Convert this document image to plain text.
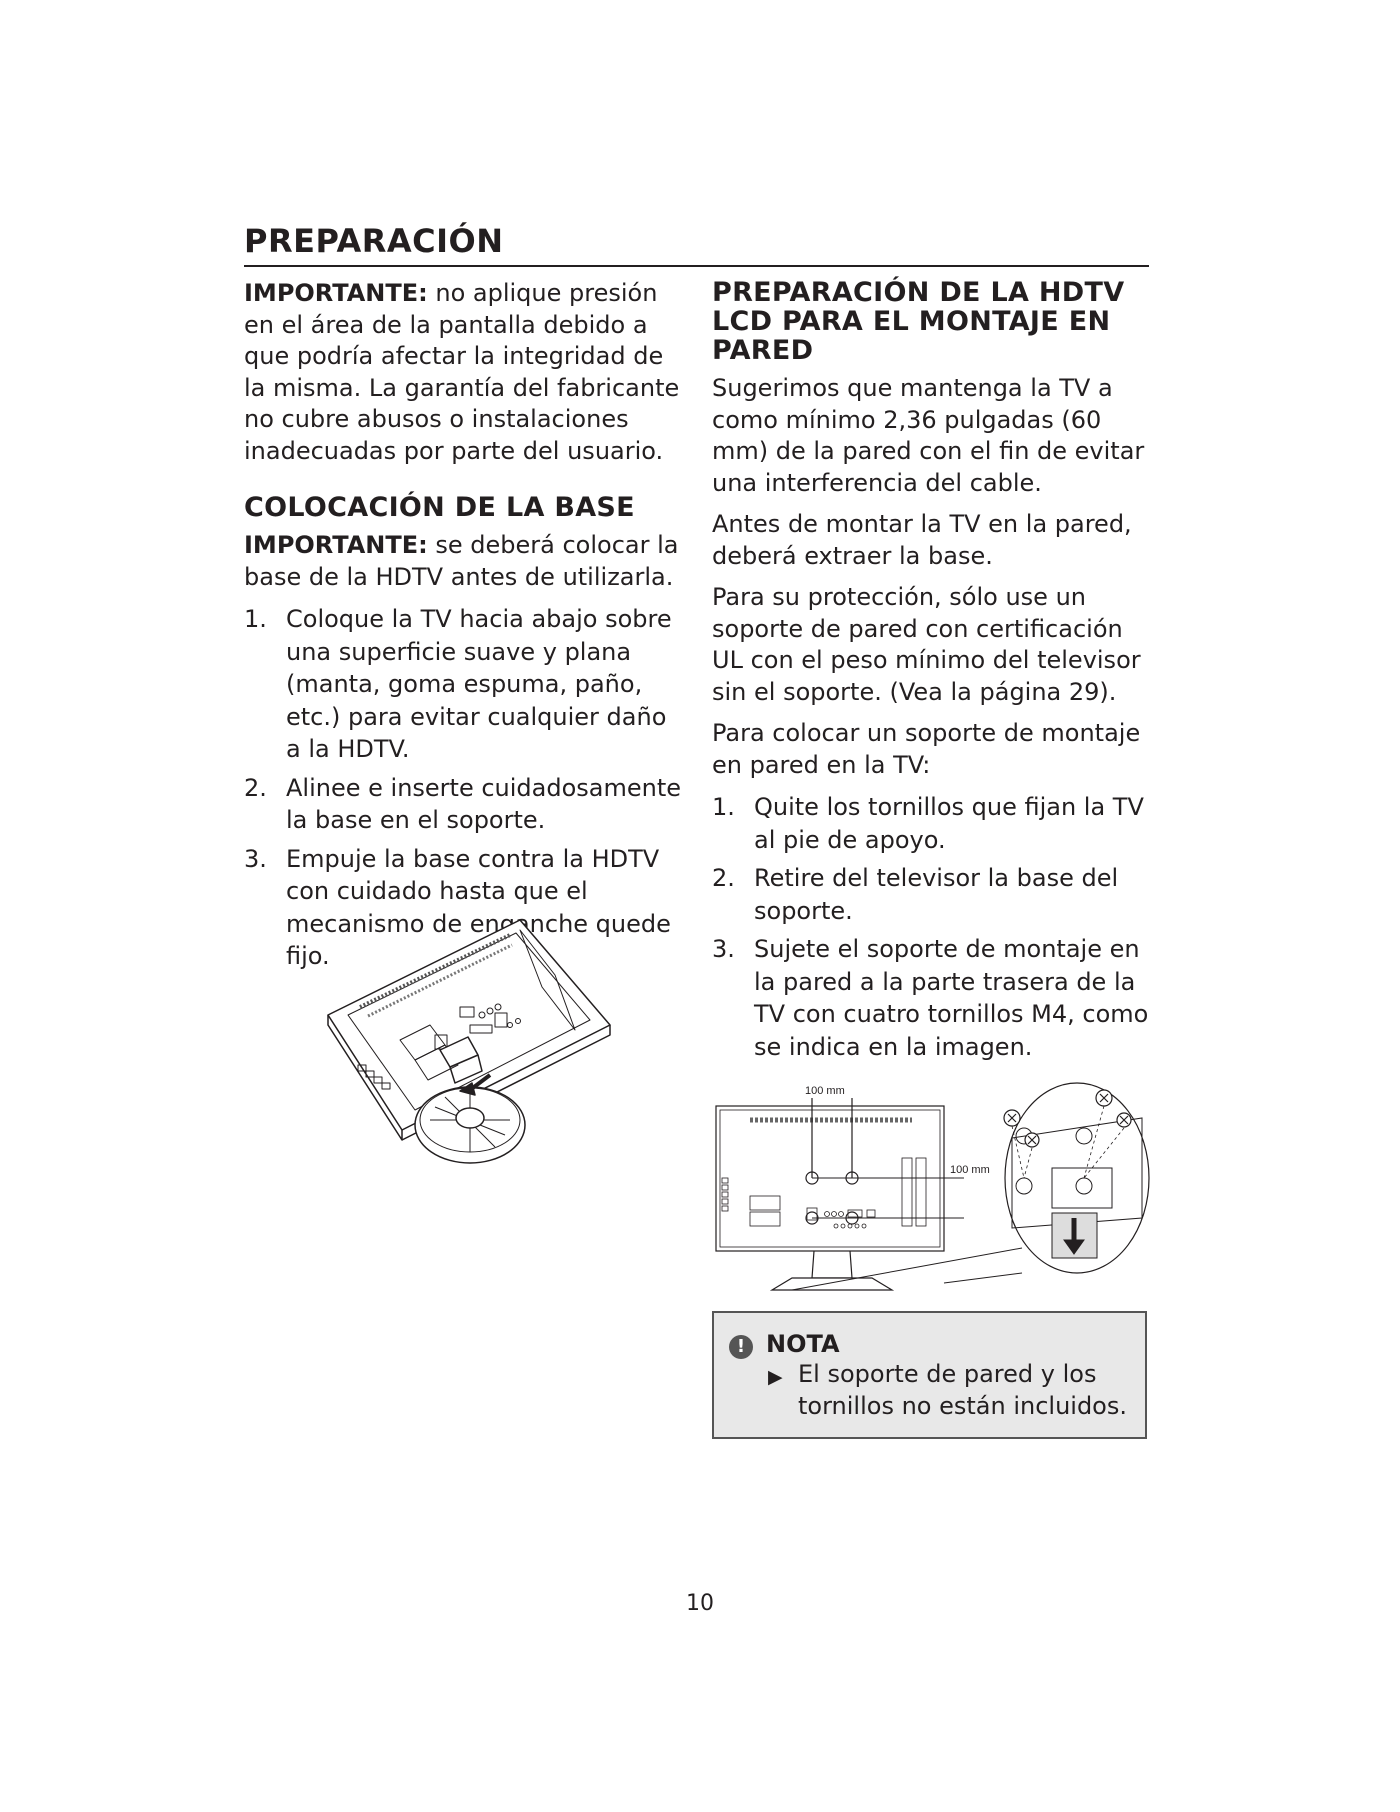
PREPARACIÓN

IMPORTANTE: no aplique presión en el área de la pantalla debido a que podría afectar la integridad de la misma. La garantía del fabricante no cubre abusos o instalaciones inadecuadas por parte del usuario.

COLOCACIÓN DE LA BASE

IMPORTANTE: se deberá colocar la base de la HDTV antes de utilizarla.

1. Coloque la TV hacia abajo sobre una superficie suave y plana (manta, goma espuma, paño, etc.) para evitar cualquier daño a la HDTV.
2. Alinee e inserte cuidadosamente la base en el soporte.
3. Empuje la base contra la HDTV con cuidado hasta que el mecanismo de enganche quede fijo.
PREPARACIÓN DE LA HDTV LCD PARA EL MONTAJE EN PARED

Sugerimos que mantenga la TV a como mínimo 2,36 pulgadas (60 mm) de la pared con el fin de evitar una interferencia del cable.

Antes de montar la TV en la pared, deberá extraer la base.

Para su protección, sólo use un soporte de pared con certificación UL con el peso mínimo del televisor sin el soporte. (Vea la página 29).

Para colocar un soporte de montaje en pared en la TV:

1. Quite los tornillos que fijan la TV al pie de apoyo.
2. Retire del televisor la base del soporte.
3. Sujete el soporte de montaje en la pared a la parte trasera de la TV con cuatro tornillos M4, como se indica en la imagen.
100 mm
100 mm
! NOTA
▶ El soporte de pared y los tornillos no están incluidos.
10
